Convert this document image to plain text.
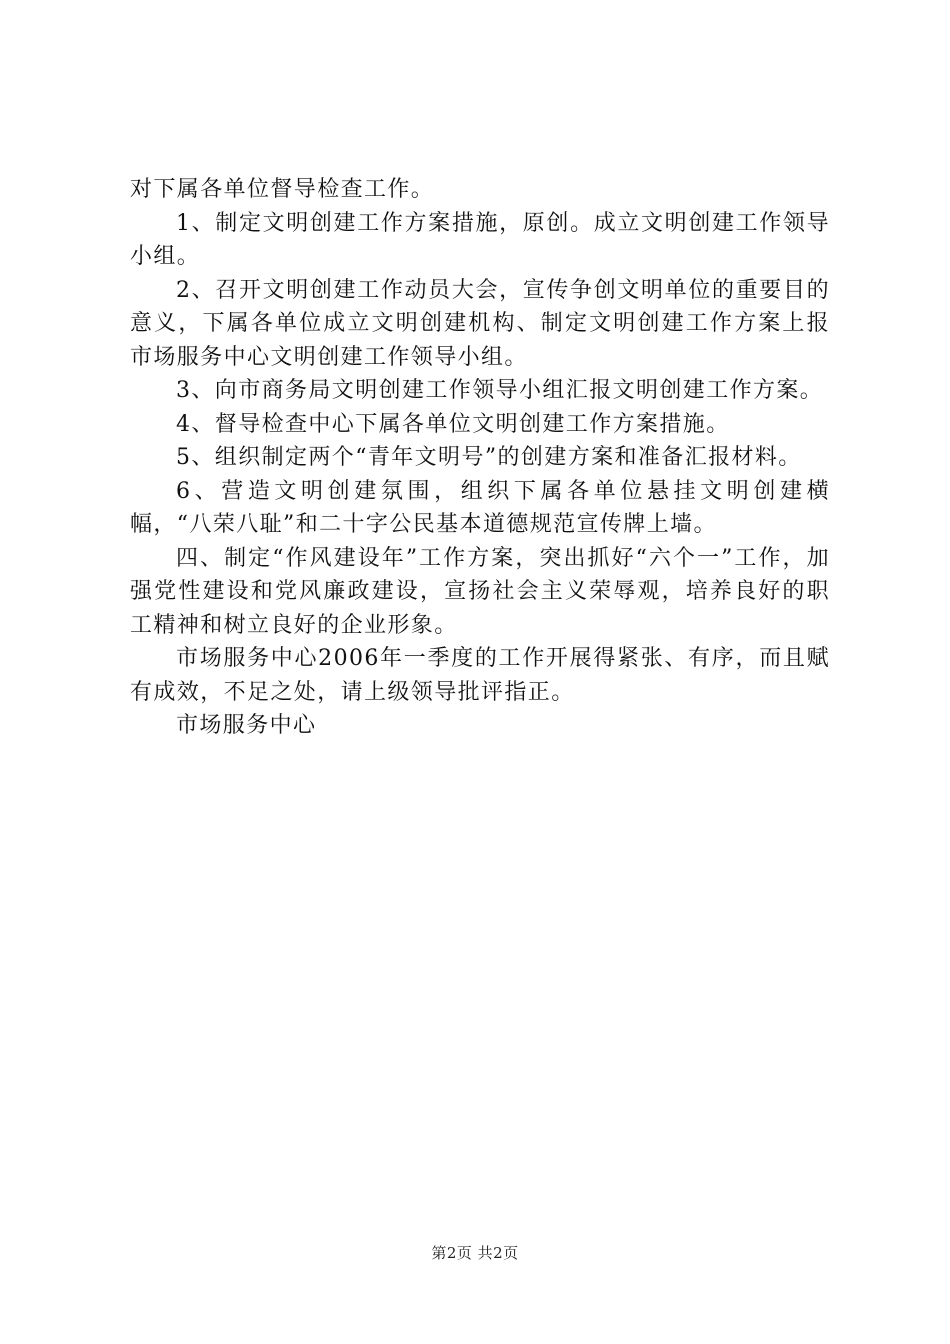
对下属各单位督导检查工作。

1、制定文明创建工作方案措施，原创。成立文明创建工作领导小组。

2、召开文明创建工作动员大会，宣传争创文明单位的重要目的意义，下属各单位成立文明创建机构、制定文明创建工作方案上报市场服务中心文明创建工作领导小组。

3、向市商务局文明创建工作领导小组汇报文明创建工作方案。

4、督导检查中心下属各单位文明创建工作方案措施。

5、组织制定两个“青年文明号”的创建方案和准备汇报材料。

6、营造文明创建氛围，组织下属各单位悬挂文明创建横幅，“八荣八耻”和二十字公民基本道德规范宣传牌上墙。

四、制定“作风建设年”工作方案，突出抓好“六个一”工作，加强党性建设和党风廉政建设，宣扬社会主义荣辱观，培养良好的职工精神和树立良好的企业形象。

市场服务中心2006年一季度的工作开展得紧张、有序，而且赋有成效，不足之处，请上级领导批评指正。

市场服务中心

第2页 共2页
